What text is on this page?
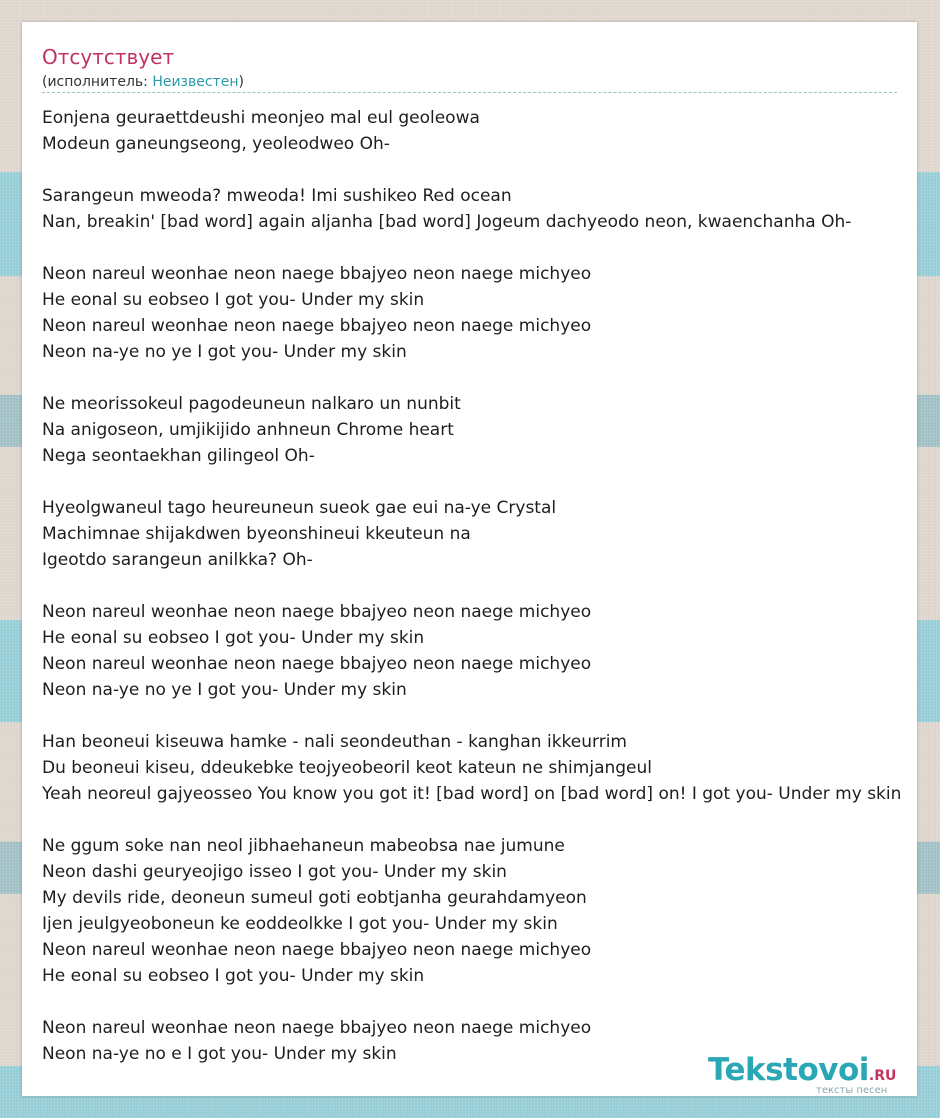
Отсутствует
(исполнитель: Неизвестен)
Eonjena geuraettdeushi meonjeo mal eul geoleowa
Modeun ganeungseong, yeoleodweo Oh-
Sarangeun mweoda? mweoda! Imi sushikeo Red ocean
Nan, breakin' [bad word] again aljanha [bad word] Jogeum dachyeodo neon, kwaenchanha Oh-
Neon nareul weonhae neon naege bbajyeo neon naege michyeo
He eonal su eobseo I got you- Under my skin
Neon nareul weonhae neon naege bbajyeo neon naege michyeo
Neon na-ye no ye I got you- Under my skin
Ne meorissokeul pagodeuneun nalkaro un nunbit
Na anigoseon, umjikijido anhneun Chrome heart
Nega seontaekhan gilingeol Oh-
Hyeolgwaneul tago heureuneun sueok gae eui na-ye Crystal
Machimnae shijakdwen byeonshineui kkeuteun na
Igeotdo sarangeun anilkka? Oh-
Neon nareul weonhae neon naege bbajyeo neon naege michyeo
He eonal su eobseo I got you- Under my skin
Neon nareul weonhae neon naege bbajyeo neon naege michyeo
Neon na-ye no ye I got you- Under my skin
Han beoneui kiseuwa hamke - nali seondeuthan - kanghan ikkeurrim
Du beoneui kiseu, ddeukebke teojyeobeoril keot kateun ne shimjangeul
Yeah neoreul gajyeosseo You know you got it! [bad word] on [bad word] on! I got you- Under my skin
Ne ggum soke nan neol jibhaehaneun mabeobsa nae jumune
Neon dashi geuryeojigo isseo I got you- Under my skin
My devils ride, deoneun sumeul goti eobtjanha geurahdamyeon
Ijen jeulgyeoboneun ke eoddeolkke I got you- Under my skin
Neon nareul weonhae neon naege bbajyeo neon naege michyeo
He eonal su eobseo I got you- Under my skin
Neon nareul weonhae neon naege bbajyeo neon naege michyeo
Neon na-ye no e I got you- Under my skin	Tekstovoi.RU
тексты песен
